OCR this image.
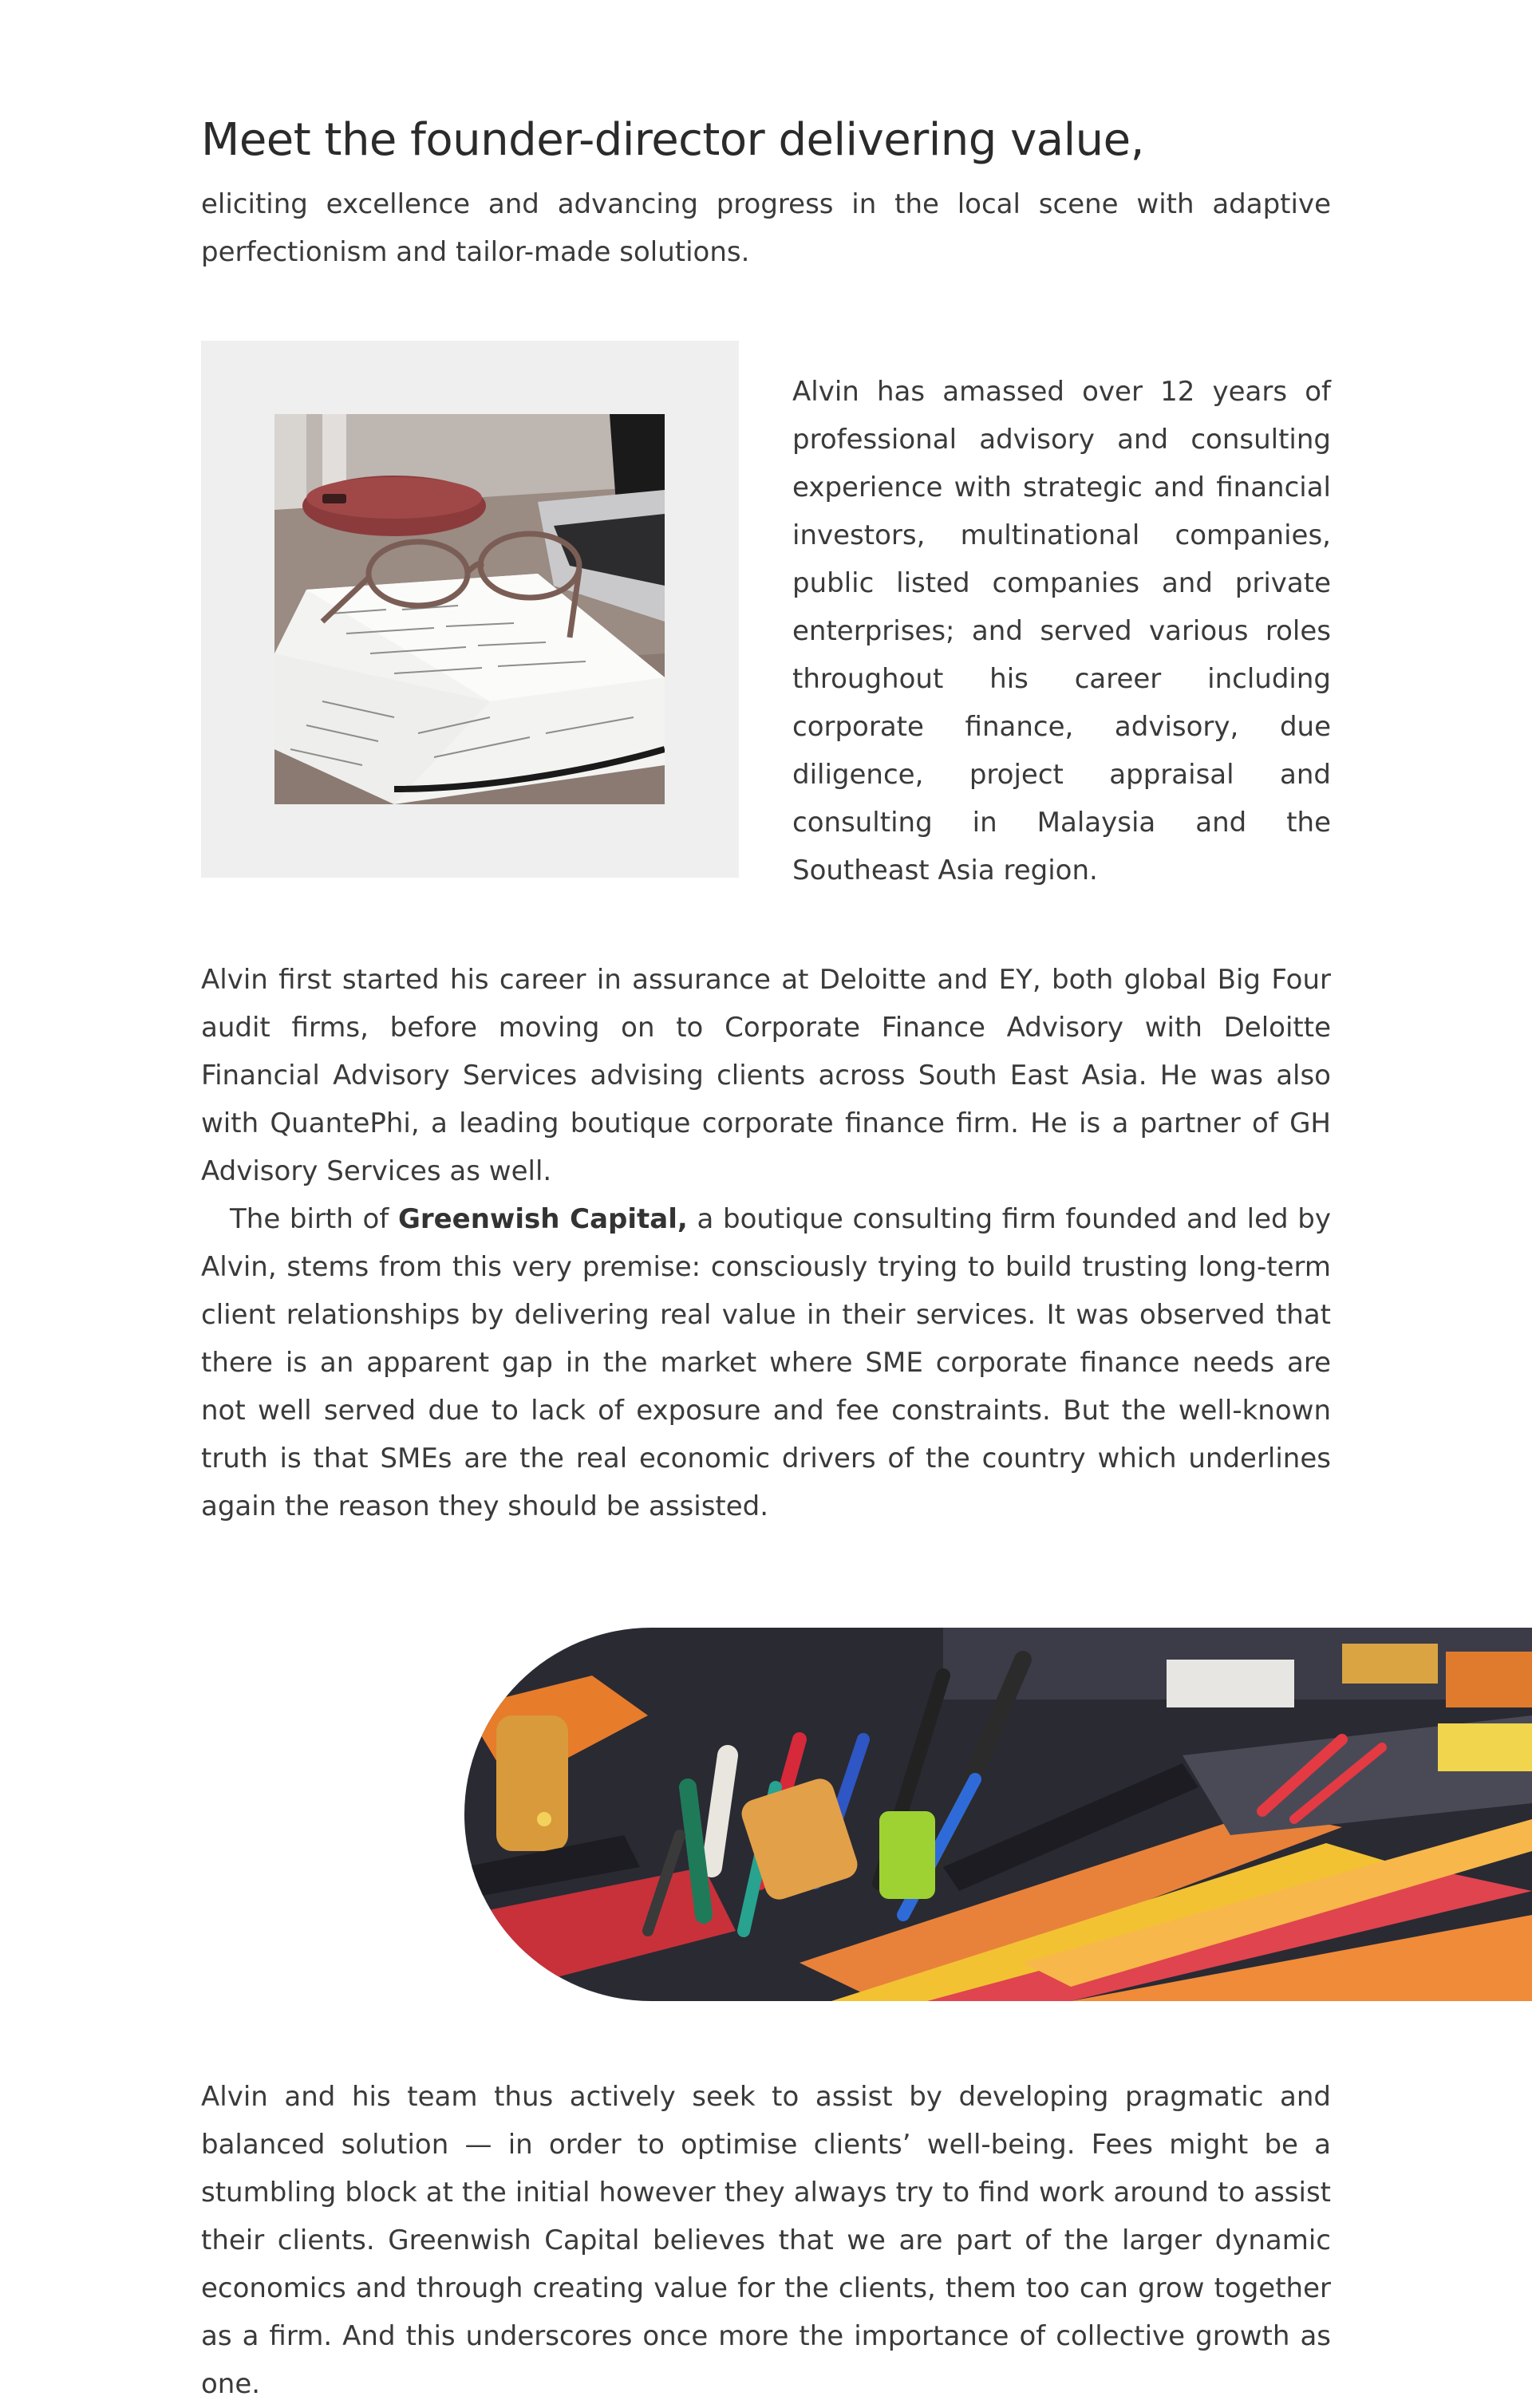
Meet the founder-director delivering value,

eliciting excellence and advancing progress in the local scene with adaptive perfectionism and tailor-made solutions.

Alvin has amassed over 12 years of professional advisory and consulting experience with strategic and financial investors, multinational companies, public listed companies and private enterprises; and served various roles throughout his career including corporate finance, advisory, due diligence, project appraisal and consulting in Malaysia and the Southeast Asia region.

Alvin first started his career in assurance at Deloitte and EY, both global Big Four audit firms, before moving on to Corporate Finance Advisory with Deloitte Financial Advisory Services advising clients across South East Asia. He was also with QuantePhi, a leading boutique corporate finance firm. He is a partner of GH Advisory Services as well.

The birth of Greenwish Capital, a boutique consulting firm founded and led by Alvin, stems from this very premise: consciously trying to build trusting long-term client relationships by delivering real value in their services. It was observed that there is an apparent gap in the market where SME corporate finance needs are not well served due to lack of exposure and fee constraints. But the well-known truth is that SMEs are the real economic drivers of the country which underlines again the reason they should be assisted.

Alvin and his team thus actively seek to assist by developing pragmatic and balanced solution — in order to optimise clients’ well-being. Fees might be a stumbling block at the initial however they always try to find work around to assist their clients. Greenwish Capital believes that we are part of the larger dynamic economics and through creating value for the clients, them too can grow together as a firm. And this underscores once more the importance of collective growth as one.
